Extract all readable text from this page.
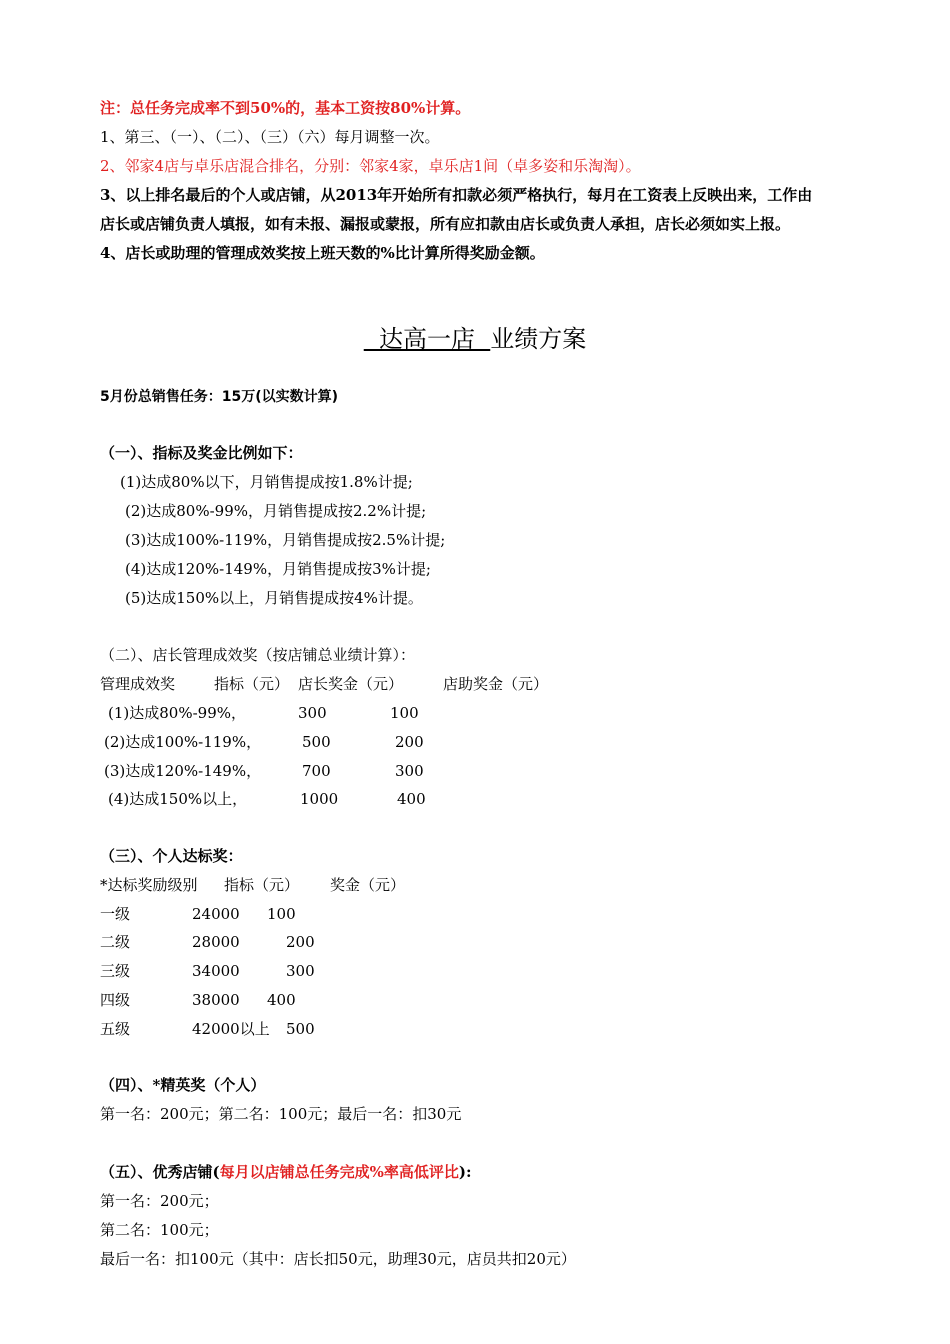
注：总任务完成率不到50%的，基本工资按80%计算。
1、第三、（一）、（二）、（三）（六）每月调整一次。
2、邻家4店与卓乐店混合排名，分别：邻家4家，卓乐店1间（卓多姿和乐淘淘）。
3、以上排名最后的个人或店铺，从2013年开始所有扣款必须严格执行，每月在工资表上反映出来，工作由
店长或店铺负责人填报，如有未报、漏报或蒙报，所有应扣款由店长或负责人承担，店长必须如实上报。
4、店长或助理的管理成效奖按上班天数的%比计算所得奖励金额。
达高一店  业绩方案
5月份总销售任务：15万(以实数计算)
（一）、指标及奖金比例如下：
(1)达成80%以下，月销售提成按1.8%计提;
(2)达成80%-99%，月销售提成按2.2%计提;
(3)达成100%-119%，月销售提成按2.5%计提;
(4)达成120%-149%，月销售提成按3%计提;
(5)达成150%以上，月销售提成按4%计提。
（二）、店长管理成效奖（按店铺总业绩计算）：
管理成效奖	指标（元） 店长奖金（元）	店助奖金（元）
(1)达成80%-99%，	300	100
(2)达成100%-119%，	500	200
(3)达成120%-149%，	700	300
(4)达成150%以上，	1000	400
（三）、个人达标奖：
*达标奖励级别 指标（元） 奖金（元）
一级	24000 100
二级	28000	200
三级	34000	300
四级	38000 400
五级	42000以上 500
（四）、*精英奖（个人）
第一名：200元；第二名：100元；最后一名：扣30元
（五）、优秀店铺(每月以店铺总任务完成%率高低评比):
第一名：200元；
第二名：100元；
最后一名：扣100元（其中：店长扣50元，助理30元，店员共扣20元）
